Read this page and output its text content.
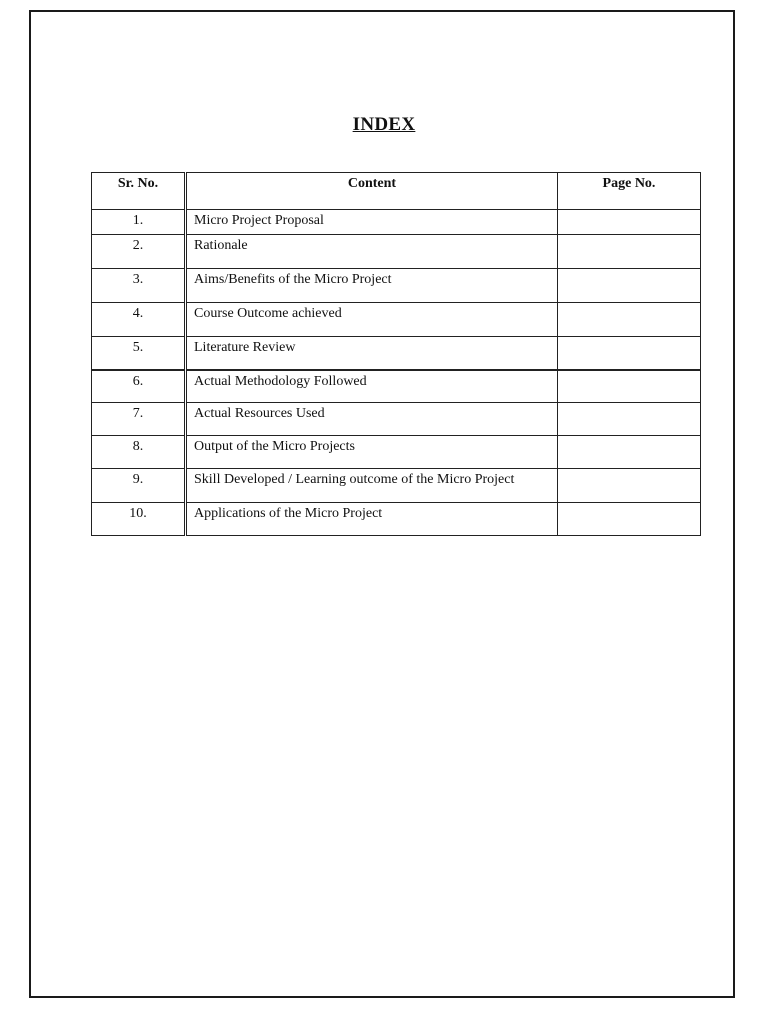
INDEX
Sr. No.	Content	Page No.
1.	Micro Project Proposal	
2.	Rationale	
3.	Aims/Benefits of the Micro Project	
4.	Course Outcome achieved	
5.	Literature Review	
6.	Actual Methodology Followed	
7.	Actual Resources Used	
8.	Output of the Micro Projects	
9.	Skill Developed / Learning outcome of the Micro Project	
10.	Applications of the Micro Project	
